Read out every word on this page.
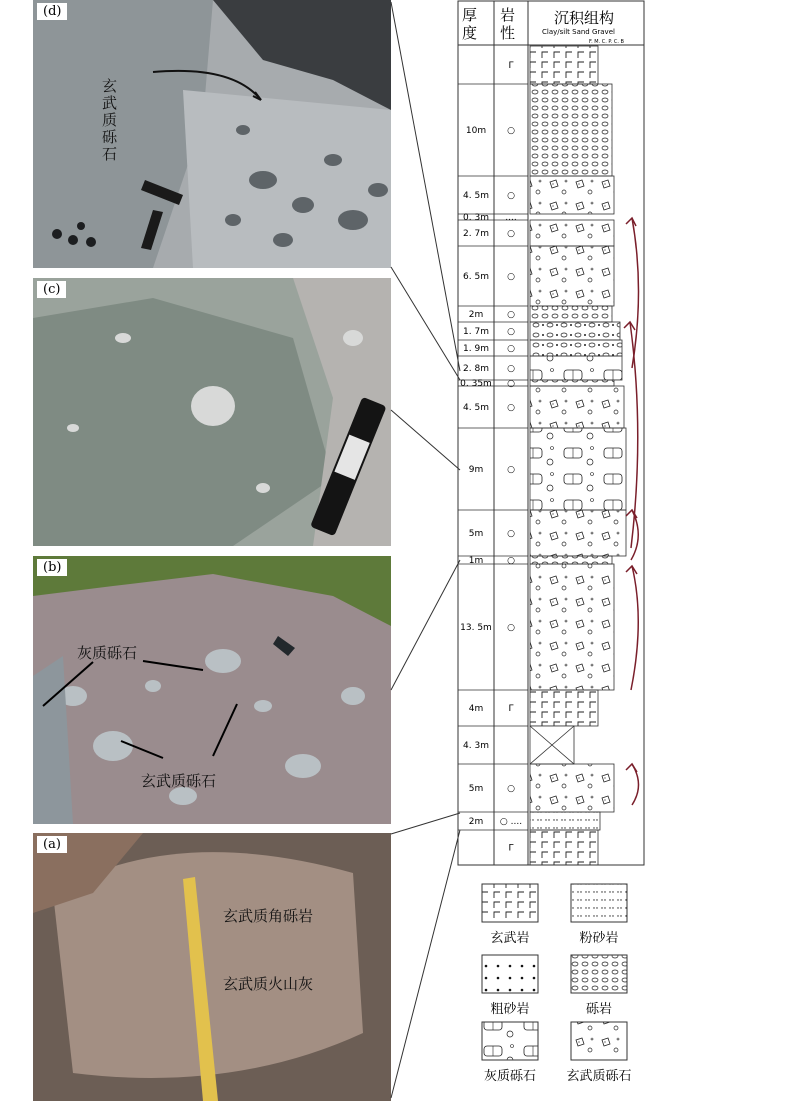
(d)
玄武质砾石
(c)
(b)
灰质砾石
玄武质砾石
(a)
玄武质角砾岩
玄武质火山灰
厚
度
岩
性
沉积组构
Clay/silt Sand Gravel
F. M. C. P. C. B
Γ
10m ○
4. 5m ○
0. 3m ....
2. 7m ○
6. 5m ○
2m	○
1. 7m ○
1. 9m ○
2. 8m ○
0. 35m ○
4. 5m ○
9m	○
5m	○
1m	○
13. 5m ○
4m	Γ
4. 3m
5m	○
2m ○ ....
Γ
玄武岩	粉砂岩
粗砂岩	砾岩
灰质砾石 玄武质砾石
